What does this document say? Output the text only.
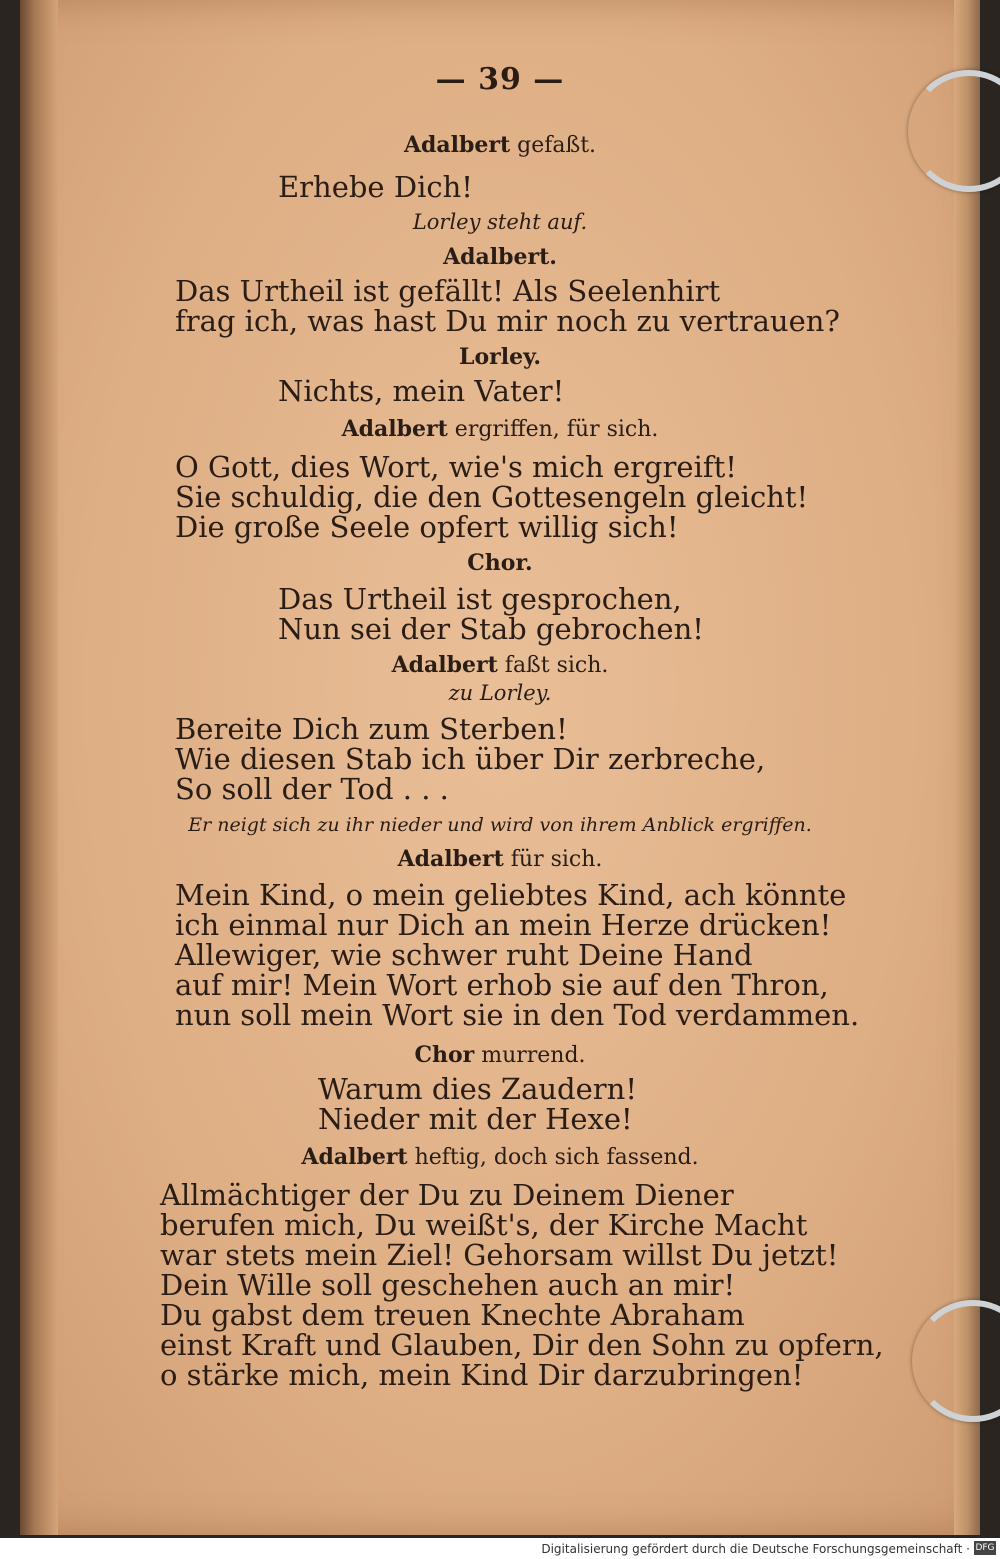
— 39 —
Adalbert gefaßt.
Erhebe Dich!
Lorley steht auf.
Adalbert.
Das Urtheil ist gefällt! Als Seelenhirt
frag ich, was hast Du mir noch zu vertrauen?
Lorley.
Nichts, mein Vater!
Adalbert ergriffen, für sich.
O Gott, dies Wort, wie's mich ergreift!
Sie schuldig, die den Gottesengeln gleicht!
Die große Seele opfert willig sich!
Chor.
Das Urtheil ist gesprochen,
Nun sei der Stab gebrochen!
Adalbert faßt sich.
zu Lorley.
Bereite Dich zum Sterben!
Wie diesen Stab ich über Dir zerbreche,
So soll der Tod . . .
Er neigt sich zu ihr nieder und wird von ihrem Anblick ergriffen.
Adalbert für sich.
Mein Kind, o mein geliebtes Kind, ach könnte
ich einmal nur Dich an mein Herze drücken!
Allewiger, wie schwer ruht Deine Hand
auf mir! Mein Wort erhob sie auf den Thron,
nun soll mein Wort sie in den Tod verdammen.
Chor murrend.
Warum dies Zaudern!
Nieder mit der Hexe!
Adalbert heftig, doch sich fassend.
Allmächtiger der Du zu Deinem Diener
berufen mich, Du weißt's, der Kirche Macht
war stets mein Ziel! Gehorsam willst Du jetzt!
Dein Wille soll geschehen auch an mir!
Du gabst dem treuen Knechte Abraham
einst Kraft und Glauben, Dir den Sohn zu opfern,
o stärke mich, mein Kind Dir darzubringen!
Digitalisierung gefördert durch die Deutsche Forschungsgemeinschaft · DFG
